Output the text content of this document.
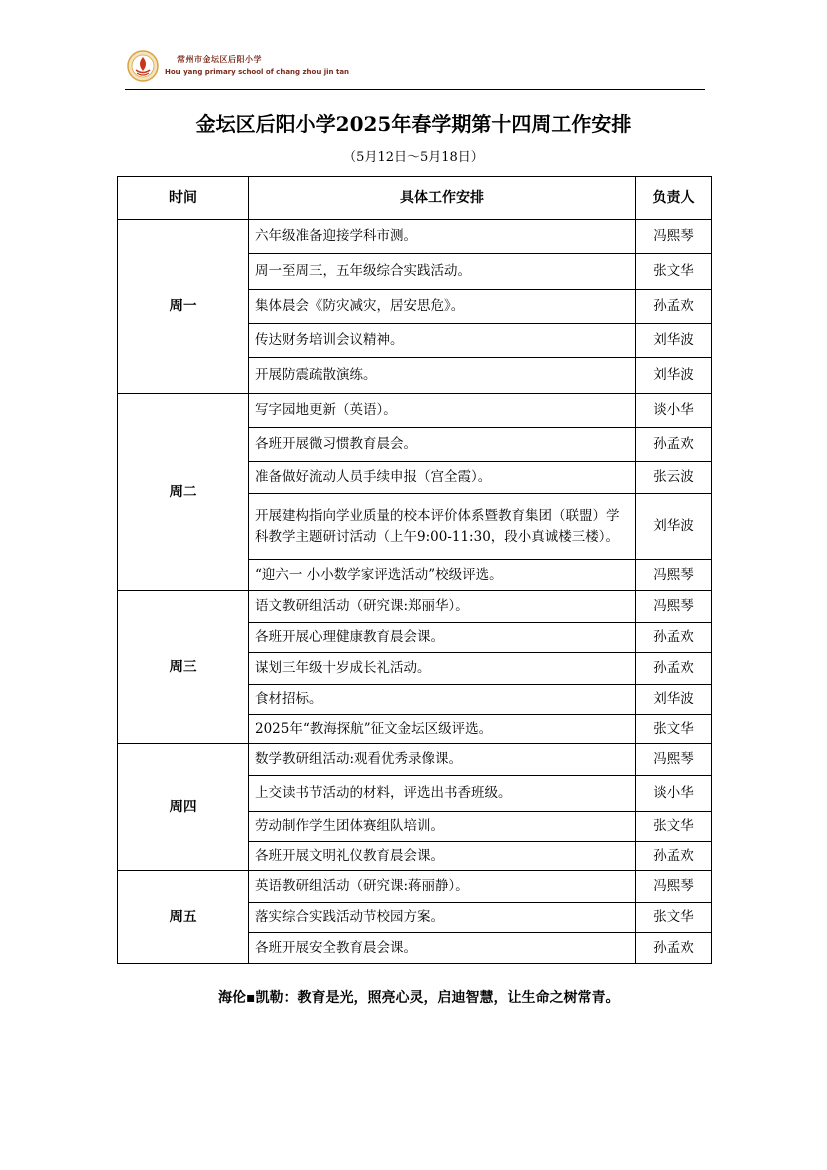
常州市金坛区后阳小学
Hou yang primary school of chang zhou jin tan
金坛区后阳小学2025年春学期第十四周工作安排
（5月12日～5月18日）
时间	具体工作安排	负责人
周一	六年级准备迎接学科市测。	冯熙琴
	周一至周三，五年级综合实践活动。	张文华
	集体晨会《防灾减灾，居安思危》。	孙孟欢
	传达财务培训会议精神。	刘华波
	开展防震疏散演练。	刘华波
周二	写字园地更新（英语）。	谈小华
	各班开展微习惯教育晨会。	孙孟欢
	准备做好流动人员手续申报（宫全霞）。	张云波
	开展建构指向学业质量的校本评价体系暨教育集团（联盟）学科教学主题研讨活动（上午9:00-11:30，段小真诚楼三楼）。	刘华波
	“迎六一 小小数学家评选活动”校级评选。	冯熙琴
周三	语文教研组活动（研究课:郑丽华）。	冯熙琴
	各班开展心理健康教育晨会课。	孙孟欢
	谋划三年级十岁成长礼活动。	孙孟欢
	食材招标。	刘华波
	2025年“教海探航”征文金坛区级评选。	张文华
周四	数学教研组活动:观看优秀录像课。	冯熙琴
	上交读书节活动的材料，评选出书香班级。	谈小华
	劳动制作学生团体赛组队培训。	张文华
	各班开展文明礼仪教育晨会课。	孙孟欢
周五	英语教研组活动（研究课:蒋丽静）。	冯熙琴
	落实综合实践活动节校园方案。	张文华
	各班开展安全教育晨会课。	孙孟欢
海伦▪凯勒：教育是光，照亮心灵，启迪智慧，让生命之树常青。
